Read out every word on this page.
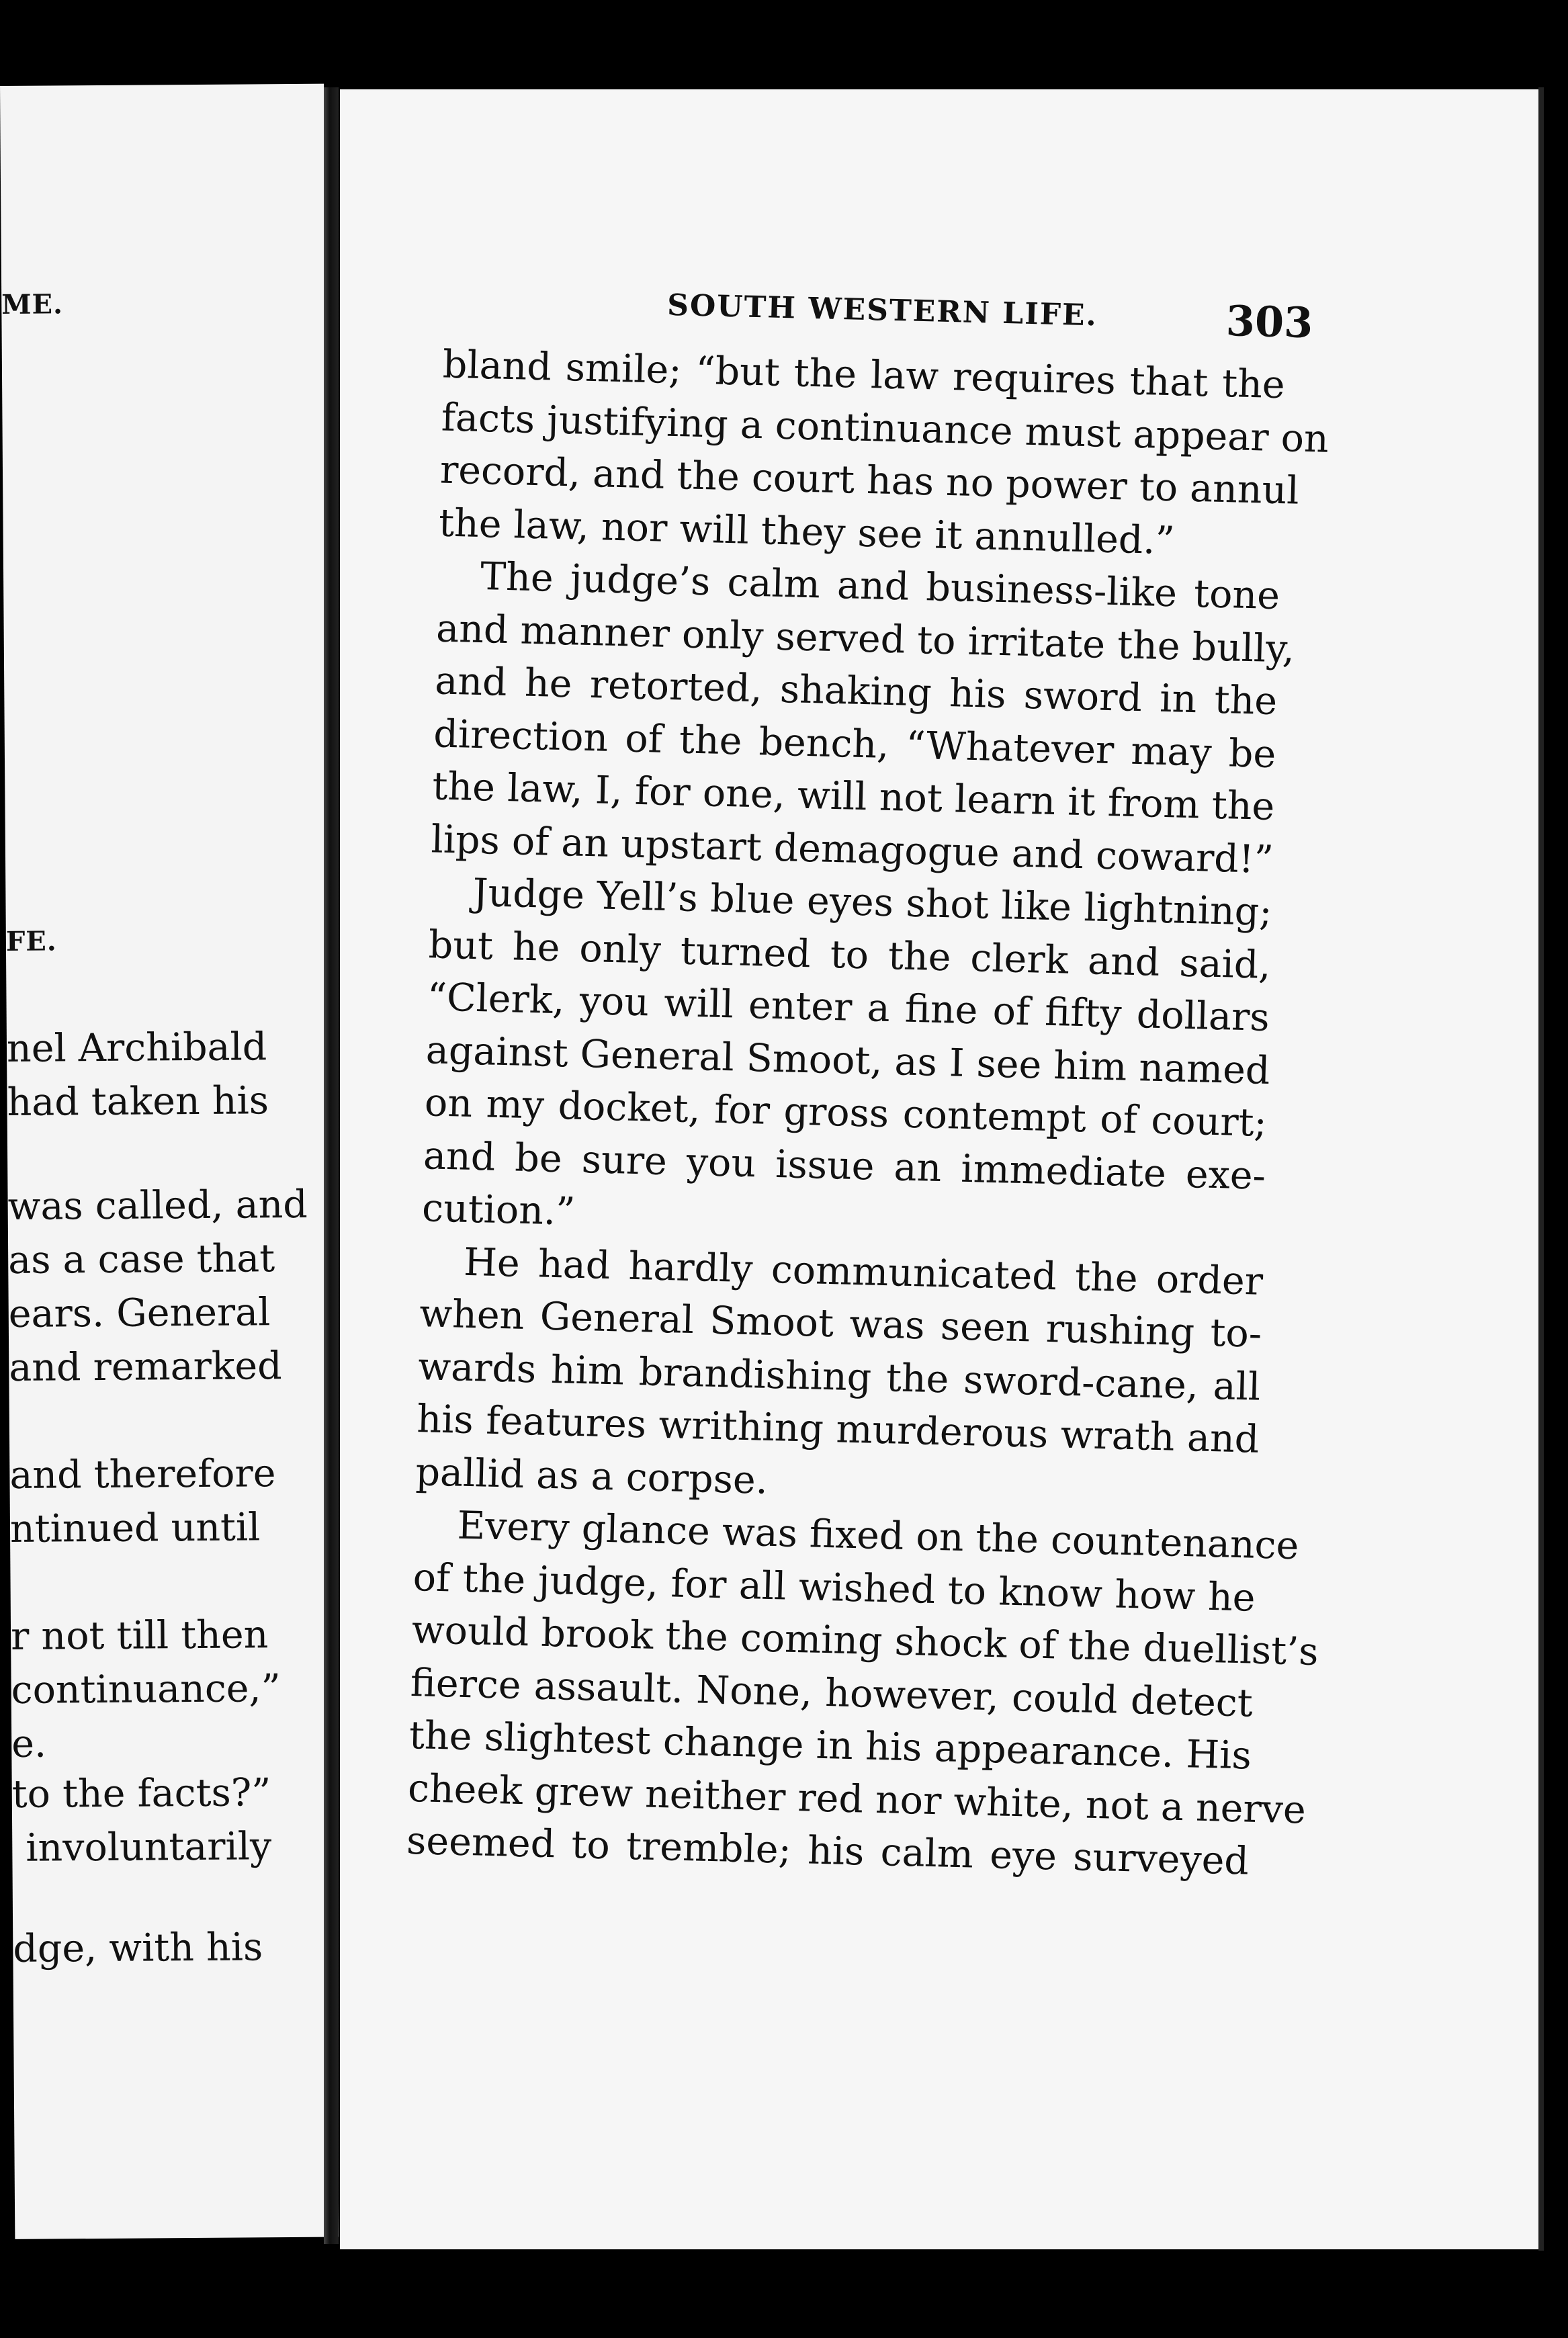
ME.
FE.
nel Archibald
had taken his
was called, and
as a case that
ears. General
and remarked
and therefore
ntinued until
r not till then
continuance,”
e.
to the facts?”
involuntarily
dge, with his
SOUTH WESTERN LIFE.	303
bland smile; “but the law requires that the
facts justifying a continuance must appear on
record, and the court has no power to annul
the law, nor will they see it annulled.”
The judge’s calm and business-like tone
and manner only served to irritate the bully,
and he retorted, shaking his sword in the
direction of the bench, “Whatever may be
the law, I, for one, will not learn it from the
lips of an upstart demagogue and coward!”
Judge Yell’s blue eyes shot like lightning;
but he only turned to the clerk and said,
“Clerk, you will enter a fine of fifty dollars
against General Smoot, as I see him named
on my docket, for gross contempt of court;
and be sure you issue an immediate exe-
cution.”
He had hardly communicated the order
when General Smoot was seen rushing to-
wards him brandishing the sword-cane, all
his features writhing murderous wrath and
pallid as a corpse.
Every glance was fixed on the countenance
of the judge, for all wished to know how he
would brook the coming shock of the duellist’s
fierce assault. None, however, could detect
the slightest change in his appearance. His
cheek grew neither red nor white, not a nerve
seemed to tremble; his calm eye surveyed
